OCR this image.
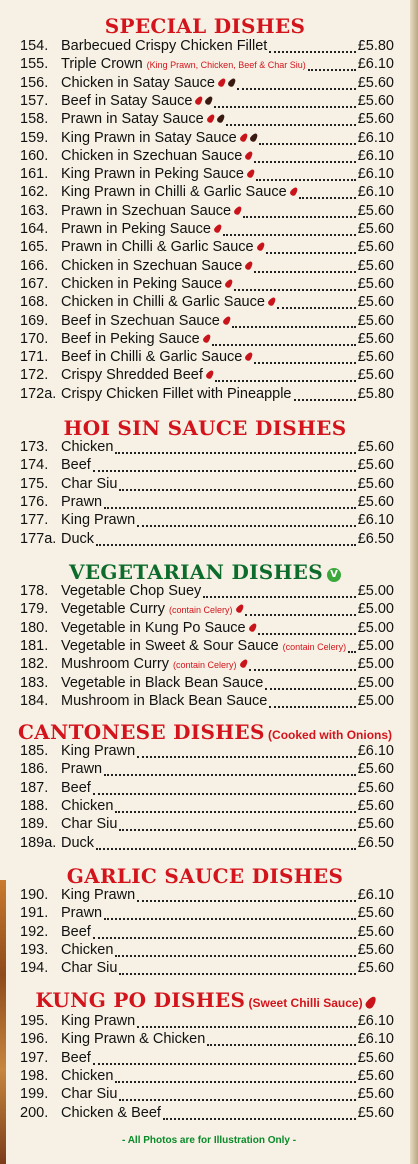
SPECIAL DISHES
154. Barbecued Crispy Chicken Fillet	£5.80
155. Triple Crown (King Prawn, Chicken, Beef & Char Siu)	£6.10
156. Chicken in Satay Sauce	£5.60
157. Beef in Satay Sauce	£5.60
158. Prawn in Satay Sauce	£5.60
159. King Prawn in Satay Sauce	£6.10
160. Chicken in Szechuan Sauce	£6.10
161. King Prawn in Peking Sauce	£6.10
162. King Prawn in Chilli & Garlic Sauce	£6.10
163. Prawn in Szechuan Sauce	£5.60
164. Prawn in Peking Sauce	£5.60
165. Prawn in Chilli & Garlic Sauce	£5.60
166. Chicken in Szechuan Sauce	£5.60
167. Chicken in Peking Sauce	£5.60
168. Chicken in Chilli & Garlic Sauce	£5.60
169. Beef in Szechuan Sauce	£5.60
170. Beef in Peking Sauce	£5.60
171. Beef in Chilli & Garlic Sauce	£5.60
172. Crispy Shredded Beef	£5.60
172a. Crispy Chicken Fillet with Pineapple	£5.80
HOI SIN SAUCE DISHES
173. Chicken	£5.60
174. Beef	£5.60
175. Char Siu	£5.60
176. Prawn	£5.60
177. King Prawn	£6.10
177a. Duck	£6.50
VEGETARIAN DISHES V
178. Vegetable Chop Suey	£5.00
179. Vegetable Curry (contain Celery)	£5.00
180. Vegetable in Kung Po Sauce	£5.00
181. Vegetable in Sweet & Sour Sauce (contain Celery) £5.00
182. Mushroom Curry (contain Celery)	£5.00
183. Vegetable in Black Bean Sauce	£5.00
184. Mushroom in Black Bean Sauce	£5.00
CANTONESE DISHES (Cooked with Onions)
185. King Prawn	£6.10
186. Prawn	£5.60
187. Beef	£5.60
188. Chicken	£5.60
189. Char Siu	£5.60
189a. Duck	£6.50
GARLIC SAUCE DISHES
190. King Prawn	£6.10
191. Prawn	£5.60
192. Beef	£5.60
193. Chicken	£5.60
194. Char Siu	£5.60
KUNG PO DISHES (Sweet Chilli Sauce)
195. King Prawn	£6.10
196. King Prawn & Chicken	£6.10
197. Beef	£5.60
198. Chicken	£5.60
199. Char Siu	£5.60
200. Chicken & Beef	£5.60
- All Photos are for Illustration Only -
